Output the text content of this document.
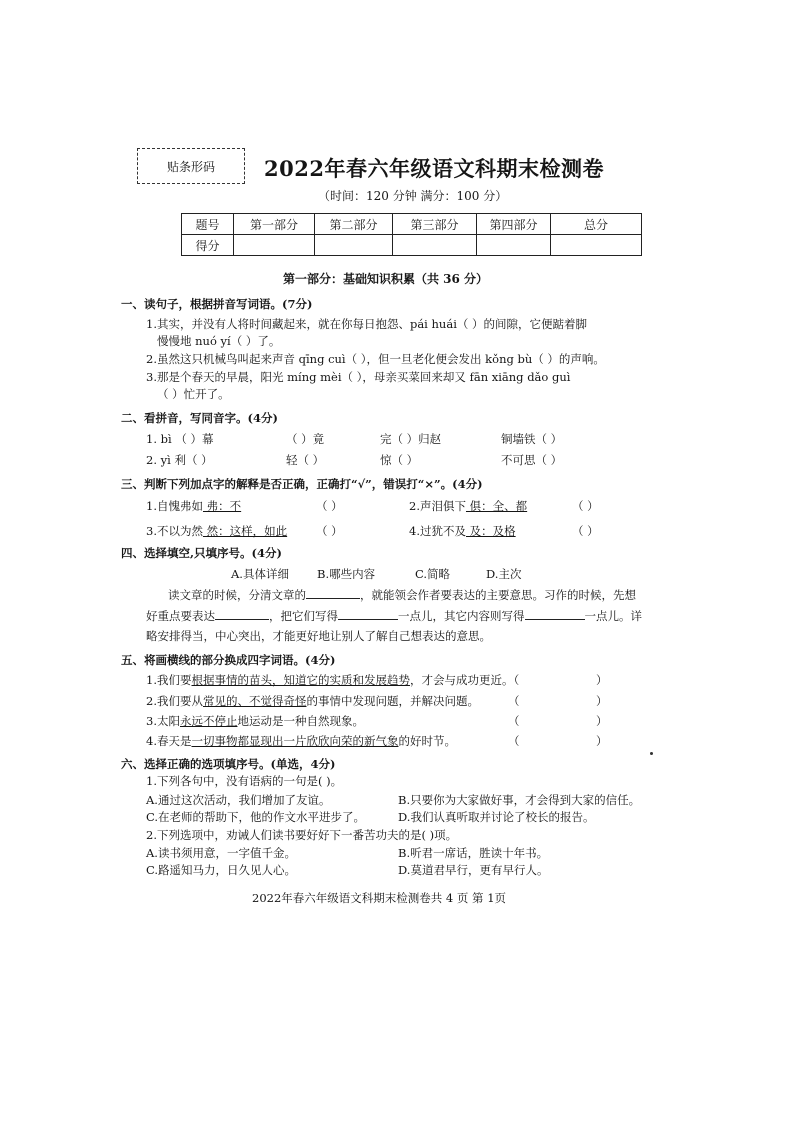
贴条形码 2022年春六年级语文科期末检测卷
（时间：120 分钟 满分：100 分）
题号	第一部分	第二部分	第三部分	第四部分	总分
得分					
第一部分：基础知识积累（共 36 分）
一、读句子，根据拼音写词语。(7分)
1.其实，并没有人将时间藏起来，就在你每日抱怨、pái huái（ ）的间隙，它便踮着脚
慢慢地 nuó yí（ ）了。
2.虽然这只机械鸟叫起来声音 qīng cuì（ ），但一旦老化便会发出 kǒng bù（ ）的声响。
3.那是个春天的早晨，阳光 míng mèi（ ），母亲买菜回来却又 fān xiāng dǎo guì
（ ）忙开了。
二、看拼音，写同音字。(4分)
1. bì （ ）幕	（ ）竟	完（ ）归赵	铜墙铁（ ）
2. yì 利（ ）	轻（ ）	惊（ ）	不可思（ ）
三、判断下列加点字的解释是否正确，正确打“√”，错误打“×”。(4分)
1.自愧弗如 弗：不	（ ）	2.声泪俱下 俱：全、都	（ ）
3.不以为然 然：这样，如此	（ ）	4.过犹不及 及：及格	（ ）
四、选择填空,只填序号。(4分)
A.具体详细 B.哪些内容	C.简略	D.主次
读文章的时候，分清文章的	，就能领会作者要表达的主要意思。习作的时候，先想
好重点要表达	，把它们写得	一点儿，其它内容则写得	一点儿。详
略安排得当，中心突出，才能更好地让别人了解自己想表达的意思。
五、将画横线的部分换成四字词语。(4分)
1.我们要根据事情的苗头，知道它的实质和发展趋势，才会与成功更近。（	）
2.我们要从常见的、不觉得奇怪的事情中发现问题，并解决问题。	（	）
3.太阳永远不停止地运动是一种自然现象。	（	）
4.春天是一切事物都显现出一片欣欣向荣的新气象的好时节。	（	）
六、选择正确的选项填序号。(单选，4分)
1.下列各句中，没有语病的一句是( )。
A.通过这次活动，我们增加了友谊。	B.只要你为大家做好事，才会得到大家的信任。
C.在老师的帮助下，他的作文水平进步了。	D.我们认真听取并讨论了校长的报告。
2.下列选项中，劝诫人们读书要好好下一番苦功夫的是( )项。
A.读书须用意，一字值千金。	B.听君一席话，胜读十年书。
C.路遥知马力，日久见人心。	D.莫道君早行，更有早行人。
2022年春六年级语文科期末检测卷共 4 页 第 1页
